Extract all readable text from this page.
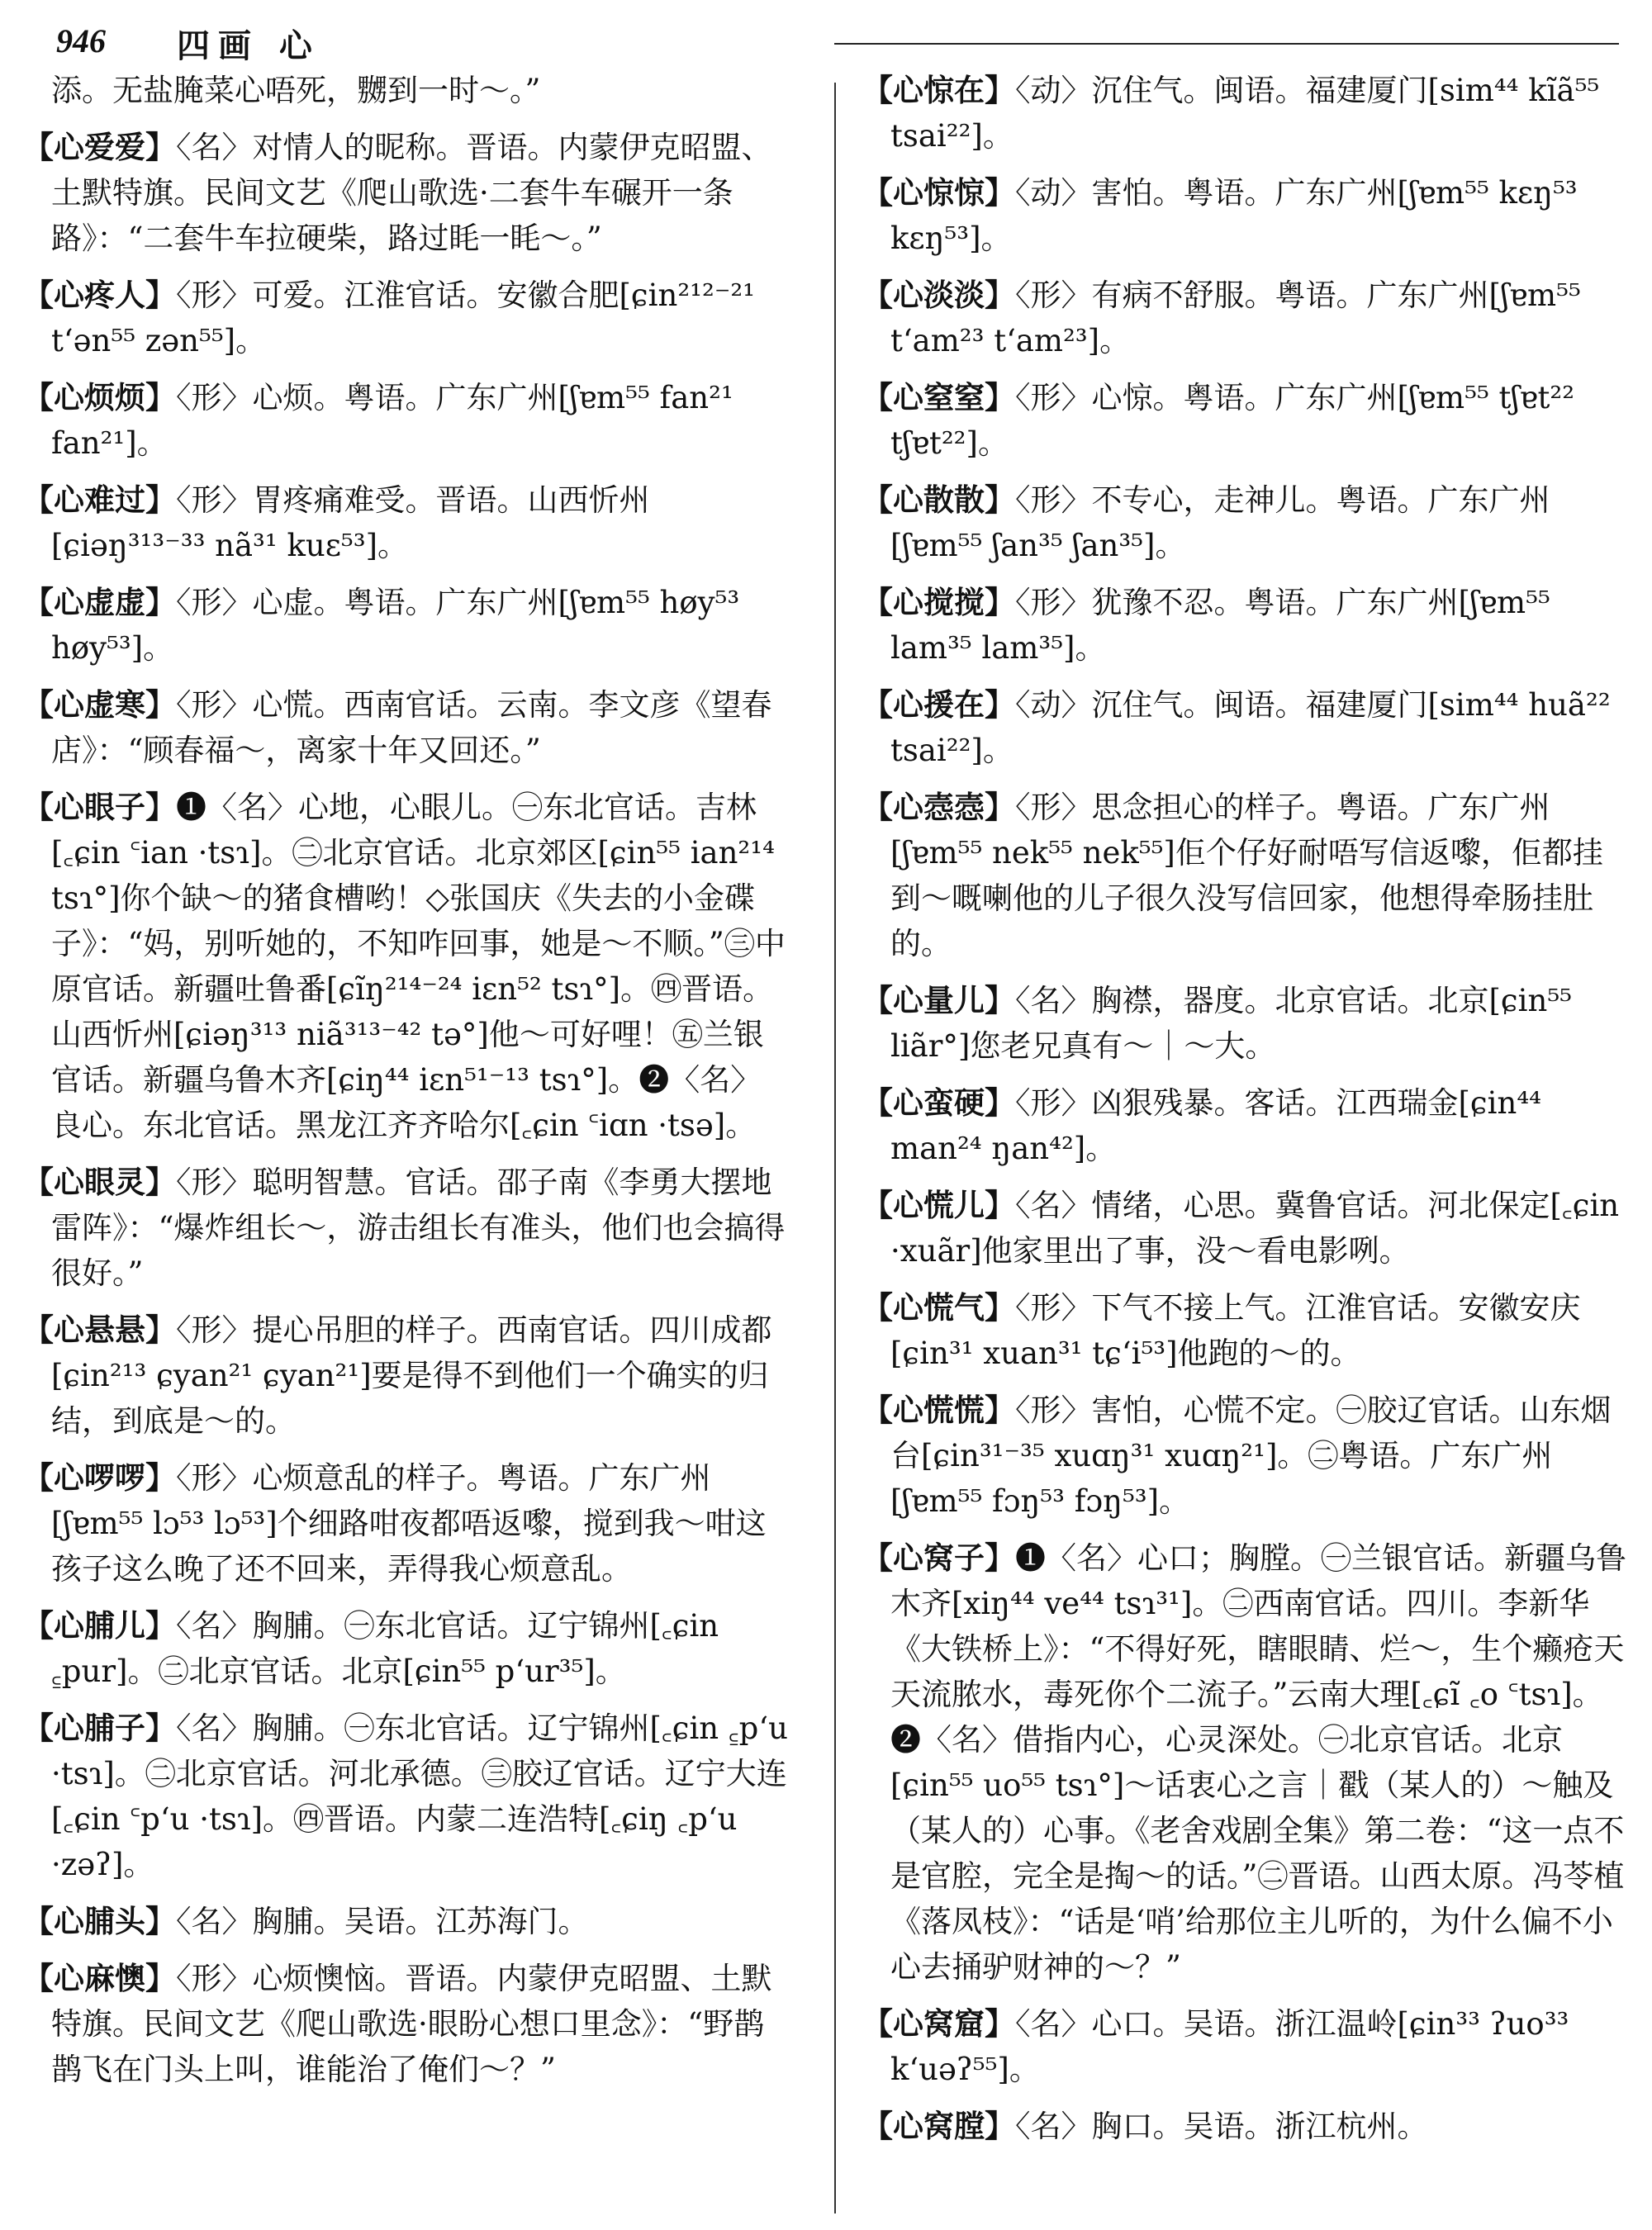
946 四画 心
添。无盐腌菜心唔死，嬲到一时～。”
【心爱爱】〈名〉对情人的昵称。晋语。内蒙伊克昭盟、土默特旗。民间文艺《爬山歌选·二套牛车碾开一条路》：“二套牛车拉硬柴，路过眊一眊～。”
【心疼人】〈形〉可爱。江淮官话。安徽合肥[ɕin²¹²⁻²¹ tʻən⁵⁵ zən⁵⁵]。
【心烦烦】〈形〉心烦。粤语。广东广州[ʃɐm⁵⁵ fan²¹ fan²¹]。
【心难过】〈形〉胃疼痛难受。晋语。山西忻州[ɕiəŋ³¹³⁻³³ nã³¹ kuɛ⁵³]。
【心虚虚】〈形〉心虚。粤语。广东广州[ʃɐm⁵⁵ høy⁵³ høy⁵³]。
【心虚寒】〈形〉心慌。西南官话。云南。李文彦《望春店》：“顾春福～，离家十年又回还。”
【心眼子】❶〈名〉心地，心眼儿。㊀东北官话。吉林[꜀ɕin ꜂ian ·tsɿ]。㊁北京官话。北京郊区[ɕin⁵⁵ ian²¹⁴ tsɿ°]你个缺～的猪食槽哟！◇张国庆《失去的小金碟子》：“妈，别听她的，不知咋回事，她是～不顺。”㊂中原官话。新疆吐鲁番[ɕĩŋ²¹⁴⁻²⁴ iɛn⁵² tsɿ°]。㊃晋语。山西忻州[ɕiəŋ³¹³ niã³¹³⁻⁴² tə°]他～可好哩！㊄兰银官话。新疆乌鲁木齐[ɕiŋ⁴⁴ iɛn⁵¹⁻¹³ tsɿ°]。❷〈名〉良心。东北官话。黑龙江齐齐哈尔[꜀ɕin ꜂iɑn ·tsə]。
【心眼灵】〈形〉聪明智慧。官话。邵子南《李勇大摆地雷阵》：“爆炸组长～，游击组长有准头，他们也会搞得很好。”
【心悬悬】〈形〉提心吊胆的样子。西南官话。四川成都[ɕin²¹³ ɕyan²¹ ɕyan²¹]要是得不到他们一个确实的归结，到底是～的。
【心啰啰】〈形〉心烦意乱的样子。粤语。广东广州[ʃɐm⁵⁵ lɔ⁵³ lɔ⁵³]个细路咁夜都唔返嚟，搅到我～咁这孩子这么晚了还不回来，弄得我心烦意乱。
【心脯儿】〈名〉胸脯。㊀东北官话。辽宁锦州[꜀ɕin ꜁pur]。㊁北京官话。北京[ɕin⁵⁵ pʻur³⁵]。
【心脯子】〈名〉胸脯。㊀东北官话。辽宁锦州[꜀ɕin ꜁pʻu ·tsɿ]。㊁北京官话。河北承德。㊂胶辽官话。辽宁大连[꜀ɕin ꜂pʻu ·tsɿ]。㊃晋语。内蒙二连浩特[꜀ɕiŋ ꜀pʻu ·zəʔ]。
【心脯头】〈名〉胸脯。吴语。江苏海门。
【心麻懊】〈形〉心烦懊恼。晋语。内蒙伊克昭盟、土默特旗。民间文艺《爬山歌选·眼盼心想口里念》：“野鹊鹊飞在门头上叫，谁能治了俺们～？”
【心惊在】〈动〉沉住气。闽语。福建厦门[sim⁴⁴ kĩã⁵⁵ tsai²²]。
【心惊惊】〈动〉害怕。粤语。广东广州[ʃɐm⁵⁵ kɛŋ⁵³ kɛŋ⁵³]。
【心淡淡】〈形〉有病不舒服。粤语。广东广州[ʃɐm⁵⁵ tʻam²³ tʻam²³]。
【心窒窒】〈形〉心惊。粤语。广东广州[ʃɐm⁵⁵ tʃɐt²² tʃɐt²²]。
【心散散】〈形〉不专心，走神儿。粤语。广东广州[ʃɐm⁵⁵ ʃan³⁵ ʃan³⁵]。
【心搅搅】〈形〉犹豫不忍。粤语。广东广州[ʃɐm⁵⁵ lam³⁵ lam³⁵]。
【心援在】〈动〉沉住气。闽语。福建厦门[sim⁴⁴ huã²² tsai²²]。
【心悫悫】〈形〉思念担心的样子。粤语。广东广州[ʃɐm⁵⁵ nek⁵⁵ nek⁵⁵]佢个仔好耐唔写信返嚟，佢都挂到～嘅喇他的儿子很久没写信回家，他想得牵肠挂肚的。
【心量儿】〈名〉胸襟，器度。北京官话。北京[ɕin⁵⁵ liãr°]您老兄真有～｜～大。
【心蛮硬】〈形〉凶狠残暴。客话。江西瑞金[ɕin⁴⁴ man²⁴ ŋan⁴²]。
【心慌儿】〈名〉情绪，心思。冀鲁官话。河北保定[꜀ɕin ·xuãr]他家里出了事，没～看电影咧。
【心慌气】〈形〉下气不接上气。江淮官话。安徽安庆[ɕin³¹ xuan³¹ tɕʻi⁵³]他跑的～的。
【心慌慌】〈形〉害怕，心慌不定。㊀胶辽官话。山东烟台[ɕin³¹⁻³⁵ xuɑŋ³¹ xuɑŋ²¹]。㊁粤语。广东广州[ʃɐm⁵⁵ fɔŋ⁵³ fɔŋ⁵³]。
【心窝子】❶〈名〉心口；胸膛。㊀兰银官话。新疆乌鲁木齐[xiŋ⁴⁴ ve⁴⁴ tsɿ³¹]。㊁西南官话。四川。李新华《大铁桥上》：“不得好死，瞎眼睛、烂～，生个癞疮天天流脓水，毒死你个二流子。”云南大理[꜀ɕĩ ꜀o ꜂tsɿ]。❷〈名〉借指内心，心灵深处。㊀北京官话。北京[ɕin⁵⁵ uo⁵⁵ tsɿ°]～话衷心之言｜戳（某人的）～触及（某人的）心事。《老舍戏剧全集》第二卷：“这一点不是官腔，完全是掏～的话。”㊁晋语。山西太原。冯苓植《落凤枝》：“话是‘哨’给那位主儿听的，为什么偏不小心去捅驴财神的～？”
【心窝窟】〈名〉心口。吴语。浙江温岭[ɕin³³ ʔuo³³ kʻuəʔ⁵⁵]。
【心窝膛】〈名〉胸口。吴语。浙江杭州。
